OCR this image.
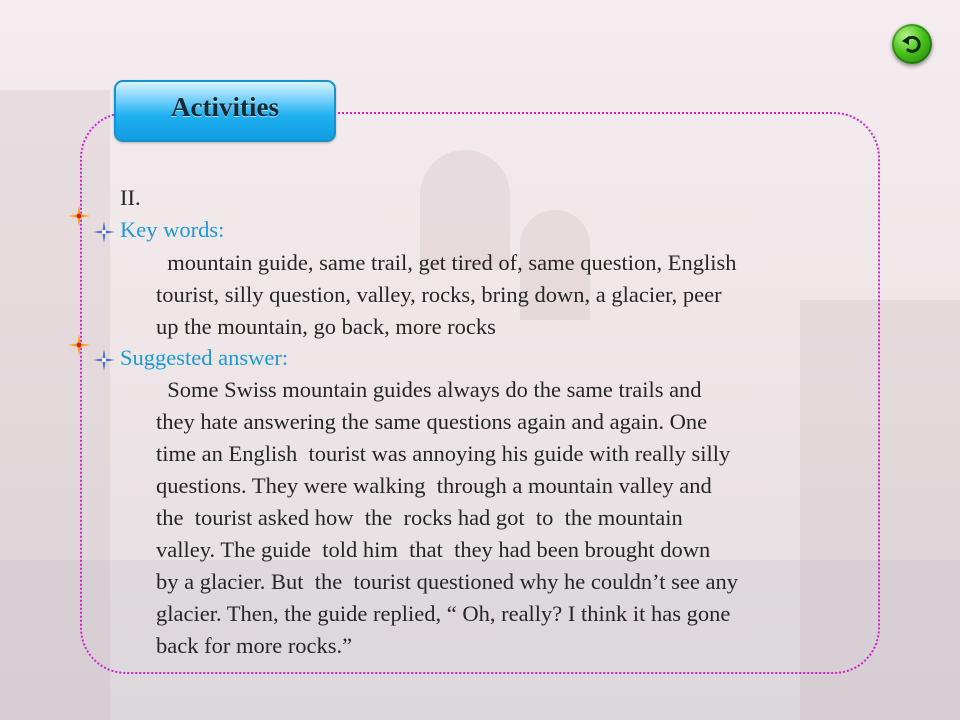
Activities
II.
Key words:
mountain guide, same trail, get tired of, same question, English
tourist, silly question, valley, rocks, bring down, a glacier, peer
up the mountain, go back, more rocks
Suggested answer:
Some Swiss mountain guides always do the same trails and
they hate answering the same questions again and again. One
time an English  tourist was annoying his guide with really silly
questions. They were walking  through a mountain valley and
the  tourist asked how  the  rocks had got  to  the mountain
valley. The guide  told him  that  they had been brought down
by a glacier. But  the  tourist questioned why he couldn’t see any
glacier. Then, the guide replied, “ Oh, really? I think it has gone
back for more rocks.”
